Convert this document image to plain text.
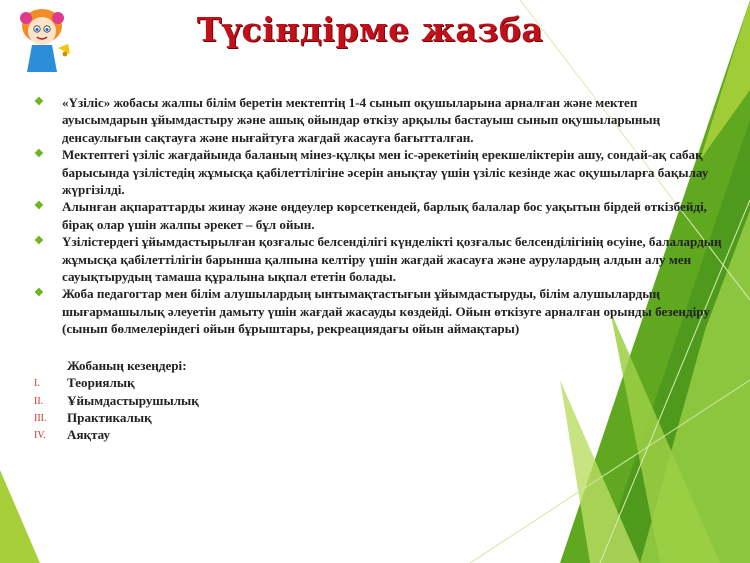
Түсіндірме жазба
❖ «Үзіліс» жобасы жалпы білім беретін мектептің 1-4 сынып оқушыларына арналған және мектеп ауысымдарын ұйымдастыру және ашық ойындар өткізу арқылы бастауыш сынып оқушыларының денсаулығын сақтауға және нығайтуға жағдай жасауға бағытталған.
❖ Мектептегі үзіліс жағдайында баланың мінез-құлқы мен іс-әрекетінің ерекшеліктерін ашу, сондай-ақ сабақ барысында үзілістедің жұмысқа қабілеттілігіне әсерін анықтау үшін үзіліс кезінде жас оқушыларға бақылау жүргізілді.
❖ Алынған ақпараттарды жинау және өңдеулер көрсеткендей, барлық балалар бос уақытын бірдей өткізбейді, бірақ олар үшін жалпы әрекет – бұл ойын.
❖ Үзілістердегі ұйымдастырылған қозғалыс белсенділігі күнделікті қозғалыс белсенділігінің өсуіне, балалардың жұмысқа қабілеттілігін барынша қалпына келтіру үшін жағдай жасауға және аурулардың алдын алу мен сауықтырудың тамаша құралына ықпал ететін болады.
❖ Жоба педагогтар мен білім алушылардың ынтымақтастығын ұйымдастыруды, білім алушылардың шығармашылық әлеуетін дамыту үшін жағдай жасауды көздейді. Ойын өткізуге арналған орынды безендіру (сынып бөлмелеріндегі ойын бұрыштары, рекреациядағы ойын аймақтары)
Жобаның кезеңдері:
I.	Теориялық
II.	Ұйымдастырушылық
III.	Практикалық
IV.	Аяқтау
